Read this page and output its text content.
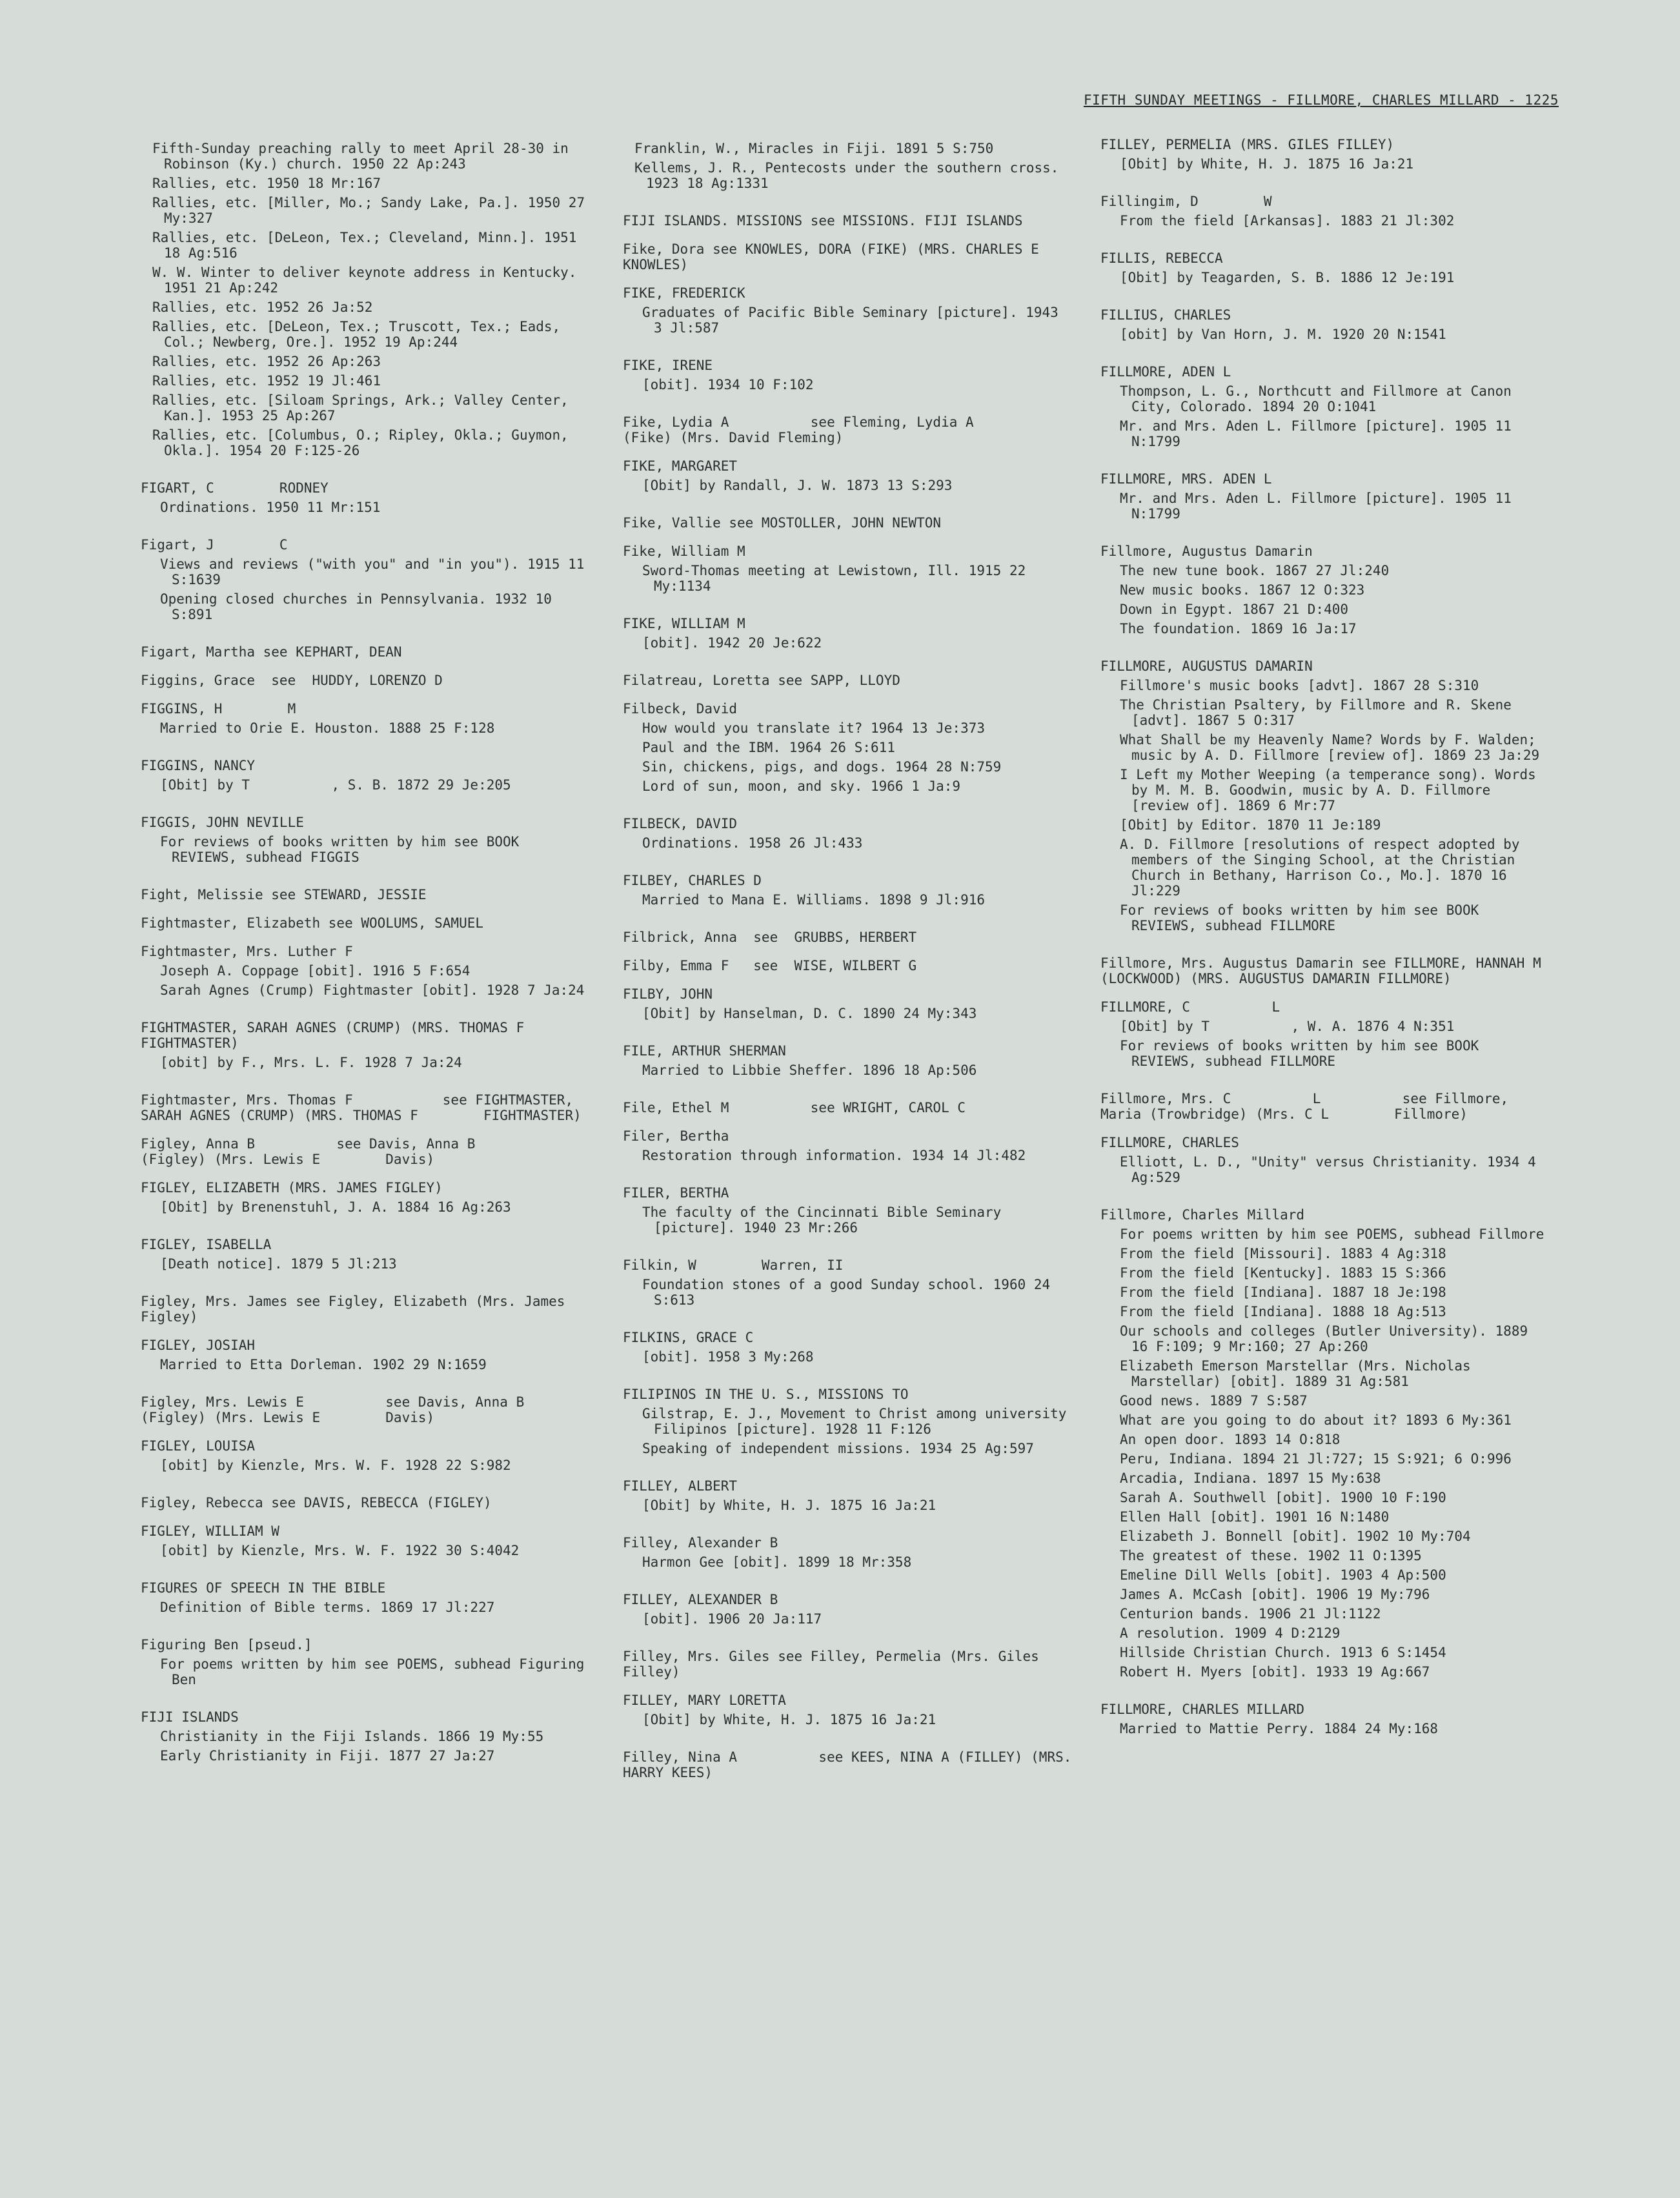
FIFTH SUNDAY MEETINGS - FILLMORE, CHARLES MILLARD - 1225
Fifth-Sunday preaching rally to meet April 28-30 in Robinson (Ky.) church. 1950 22 Ap:243
Rallies, etc. 1950 18 Mr:167
Rallies, etc. [Miller, Mo.; Sandy Lake, Pa.]. 1950 27 My:327
Rallies, etc. [DeLeon, Tex.; Cleveland, Minn.]. 1951 18 Ag:516
W. W. Winter to deliver keynote address in Kentucky. 1951 21 Ap:242
Rallies, etc. 1952 26 Ja:52
Rallies, etc. [DeLeon, Tex.; Truscott, Tex.; Eads, Col.; Newberg, Ore.]. 1952 19 Ap:244
Rallies, etc. 1952 26 Ap:263
Rallies, etc. 1952 19 Jl:461
Rallies, etc. [Siloam Springs, Ark.; Valley Center, Kan.]. 1953 25 Ap:267
Rallies, etc. [Columbus, O.; Ripley, Okla.; Guymon, Okla.]. 1954 20 F:125-26
FIGART, C        RODNEY
Ordinations. 1950 11 Mr:151
Figart, J        C
Views and reviews ("with you" and "in you"). 1915 11 S:1639
Opening closed churches in Pennsylvania. 1932 10 S:891
Figart, Martha see KEPHART, DEAN
Figgins, Grace  see  HUDDY, LORENZO D
FIGGINS, H        M
Married to Orie E. Houston. 1888 25 F:128
FIGGINS, NANCY
[Obit] by T          , S. B. 1872 29 Je:205
FIGGIS, JOHN NEVILLE
For reviews of books written by him see BOOK REVIEWS, subhead FIGGIS
Fight, Melissie see STEWARD, JESSIE
Fightmaster, Elizabeth see WOOLUMS, SAMUEL
Fightmaster, Mrs. Luther F
Joseph A. Coppage [obit]. 1916 5 F:654
Sarah Agnes (Crump) Fightmaster [obit]. 1928 7 Ja:24
FIGHTMASTER, SARAH AGNES (CRUMP) (MRS. THOMAS F        FIGHTMASTER)
[obit] by F., Mrs. L. F. 1928 7 Ja:24
Fightmaster, Mrs. Thomas F           see FIGHTMASTER, SARAH AGNES (CRUMP) (MRS. THOMAS F        FIGHTMASTER)
Figley, Anna B          see Davis, Anna B        (Figley) (Mrs. Lewis E        Davis)
FIGLEY, ELIZABETH (MRS. JAMES FIGLEY)
[Obit] by Brenenstuhl, J. A. 1884 16 Ag:263
FIGLEY, ISABELLA
[Death notice]. 1879 5 Jl:213
Figley, Mrs. James see Figley, Elizabeth (Mrs. James Figley)
FIGLEY, JOSIAH
Married to Etta Dorleman. 1902 29 N:1659
Figley, Mrs. Lewis E          see Davis, Anna B        (Figley) (Mrs. Lewis E        Davis)
FIGLEY, LOUISA
[obit] by Kienzle, Mrs. W. F. 1928 22 S:982
Figley, Rebecca see DAVIS, REBECCA (FIGLEY)
FIGLEY, WILLIAM W
[obit] by Kienzle, Mrs. W. F. 1922 30 S:4042
FIGURES OF SPEECH IN THE BIBLE
Definition of Bible terms. 1869 17 Jl:227
Figuring Ben [pseud.]
For poems written by him see POEMS, subhead Figuring Ben
FIJI ISLANDS
Christianity in the Fiji Islands. 1866 19 My:55
Early Christianity in Fiji. 1877 27 Ja:27
Franklin, W., Miracles in Fiji. 1891 5 S:750
Kellems, J. R., Pentecosts under the southern cross. 1923 18 Ag:1331
FIJI ISLANDS. MISSIONS see MISSIONS. FIJI ISLANDS
Fike, Dora see KNOWLES, DORA (FIKE) (MRS. CHARLES E          KNOWLES)
FIKE, FREDERICK
Graduates of Pacific Bible Seminary [picture]. 1943 3 Jl:587
FIKE, IRENE
[obit]. 1934 10 F:102
Fike, Lydia A          see Fleming, Lydia A        (Fike) (Mrs. David Fleming)
FIKE, MARGARET
[Obit] by Randall, J. W. 1873 13 S:293
Fike, Vallie see MOSTOLLER, JOHN NEWTON
Fike, William M
Sword-Thomas meeting at Lewistown, Ill. 1915 22 My:1134
FIKE, WILLIAM M
[obit]. 1942 20 Je:622
Filatreau, Loretta see SAPP, LLOYD
Filbeck, David
How would you translate it? 1964 13 Je:373
Paul and the IBM. 1964 26 S:611
Sin, chickens, pigs, and dogs. 1964 28 N:759
Lord of sun, moon, and sky. 1966 1 Ja:9
FILBECK, DAVID
Ordinations. 1958 26 Jl:433
FILBEY, CHARLES D
Married to Mana E. Williams. 1898 9 Jl:916
Filbrick, Anna  see  GRUBBS, HERBERT
Filby, Emma F   see  WISE, WILBERT G
FILBY, JOHN
[Obit] by Hanselman, D. C. 1890 24 My:343
FILE, ARTHUR SHERMAN
Married to Libbie Sheffer. 1896 18 Ap:506
File, Ethel M          see WRIGHT, CAROL C
Filer, Bertha
Restoration through information. 1934 14 Jl:482
FILER, BERTHA
The faculty of the Cincinnati Bible Seminary [picture]. 1940 23 Mr:266
Filkin, W        Warren, II
Foundation stones of a good Sunday school. 1960 24 S:613
FILKINS, GRACE C
[obit]. 1958 3 My:268
FILIPINOS IN THE U. S., MISSIONS TO
Gilstrap, E. J., Movement to Christ among university Filipinos [picture]. 1928 11 F:126
Speaking of independent missions. 1934 25 Ag:597
FILLEY, ALBERT
[Obit] by White, H. J. 1875 16 Ja:21
Filley, Alexander B
Harmon Gee [obit]. 1899 18 Mr:358
FILLEY, ALEXANDER B
[obit]. 1906 20 Ja:117
Filley, Mrs. Giles see Filley, Permelia (Mrs. Giles Filley)
FILLEY, MARY LORETTA
[Obit] by White, H. J. 1875 16 Ja:21
Filley, Nina A          see KEES, NINA A (FILLEY) (MRS. HARRY KEES)
FILLEY, PERMELIA (MRS. GILES FILLEY)
[Obit] by White, H. J. 1875 16 Ja:21
Fillingim, D        W
From the field [Arkansas]. 1883 21 Jl:302
FILLIS, REBECCA
[Obit] by Teagarden, S. B. 1886 12 Je:191
FILLIUS, CHARLES
[obit] by Van Horn, J. M. 1920 20 N:1541
FILLMORE, ADEN L
Thompson, L. G., Northcutt and Fillmore at Canon City, Colorado. 1894 20 O:1041
Mr. and Mrs. Aden L. Fillmore [picture]. 1905 11 N:1799
FILLMORE, MRS. ADEN L
Mr. and Mrs. Aden L. Fillmore [picture]. 1905 11 N:1799
Fillmore, Augustus Damarin
The new tune book. 1867 27 Jl:240
New music books. 1867 12 O:323
Down in Egypt. 1867 21 D:400
The foundation. 1869 16 Ja:17
FILLMORE, AUGUSTUS DAMARIN
Fillmore's music books [advt]. 1867 28 S:310
The Christian Psaltery, by Fillmore and R. Skene [advt]. 1867 5 O:317
What Shall be my Heavenly Name? Words by F. Walden; music by A. D. Fillmore [review of]. 1869 23 Ja:29
I Left my Mother Weeping (a temperance song). Words by M. M. B. Goodwin, music by A. D. Fillmore [review of]. 1869 6 Mr:77
[Obit] by Editor. 1870 11 Je:189
A. D. Fillmore [resolutions of respect adopted by members of the Singing School, at the Christian Church in Bethany, Harrison Co., Mo.]. 1870 16 Jl:229
For reviews of books written by him see BOOK REVIEWS, subhead FILLMORE
Fillmore, Mrs. Augustus Damarin see FILLMORE, HANNAH M        (LOCKWOOD) (MRS. AUGUSTUS DAMARIN FILLMORE)
FILLMORE, C          L
[Obit] by T          , W. A. 1876 4 N:351
For reviews of books written by him see BOOK REVIEWS, subhead FILLMORE
Fillmore, Mrs. C          L          see Fillmore, Maria (Trowbridge) (Mrs. C L        Fillmore)
FILLMORE, CHARLES
Elliott, L. D., "Unity" versus Christianity. 1934 4 Ag:529
Fillmore, Charles Millard
For poems written by him see POEMS, subhead Fillmore
From the field [Missouri]. 1883 4 Ag:318
From the field [Kentucky]. 1883 15 S:366
From the field [Indiana]. 1887 18 Je:198
From the field [Indiana]. 1888 18 Ag:513
Our schools and colleges (Butler University). 1889 16 F:109; 9 Mr:160; 27 Ap:260
Elizabeth Emerson Marstellar (Mrs. Nicholas Marstellar) [obit]. 1889 31 Ag:581
Good news. 1889 7 S:587
What are you going to do about it? 1893 6 My:361
An open door. 1893 14 O:818
Peru, Indiana. 1894 21 Jl:727; 15 S:921; 6 O:996
Arcadia, Indiana. 1897 15 My:638
Sarah A. Southwell [obit]. 1900 10 F:190
Ellen Hall [obit]. 1901 16 N:1480
Elizabeth J. Bonnell [obit]. 1902 10 My:704
The greatest of these. 1902 11 O:1395
Emeline Dill Wells [obit]. 1903 4 Ap:500
James A. McCash [obit]. 1906 19 My:796
Centurion bands. 1906 21 Jl:1122
A resolution. 1909 4 D:2129
Hillside Christian Church. 1913 6 S:1454
Robert H. Myers [obit]. 1933 19 Ag:667
FILLMORE, CHARLES MILLARD
Married to Mattie Perry. 1884 24 My:168
